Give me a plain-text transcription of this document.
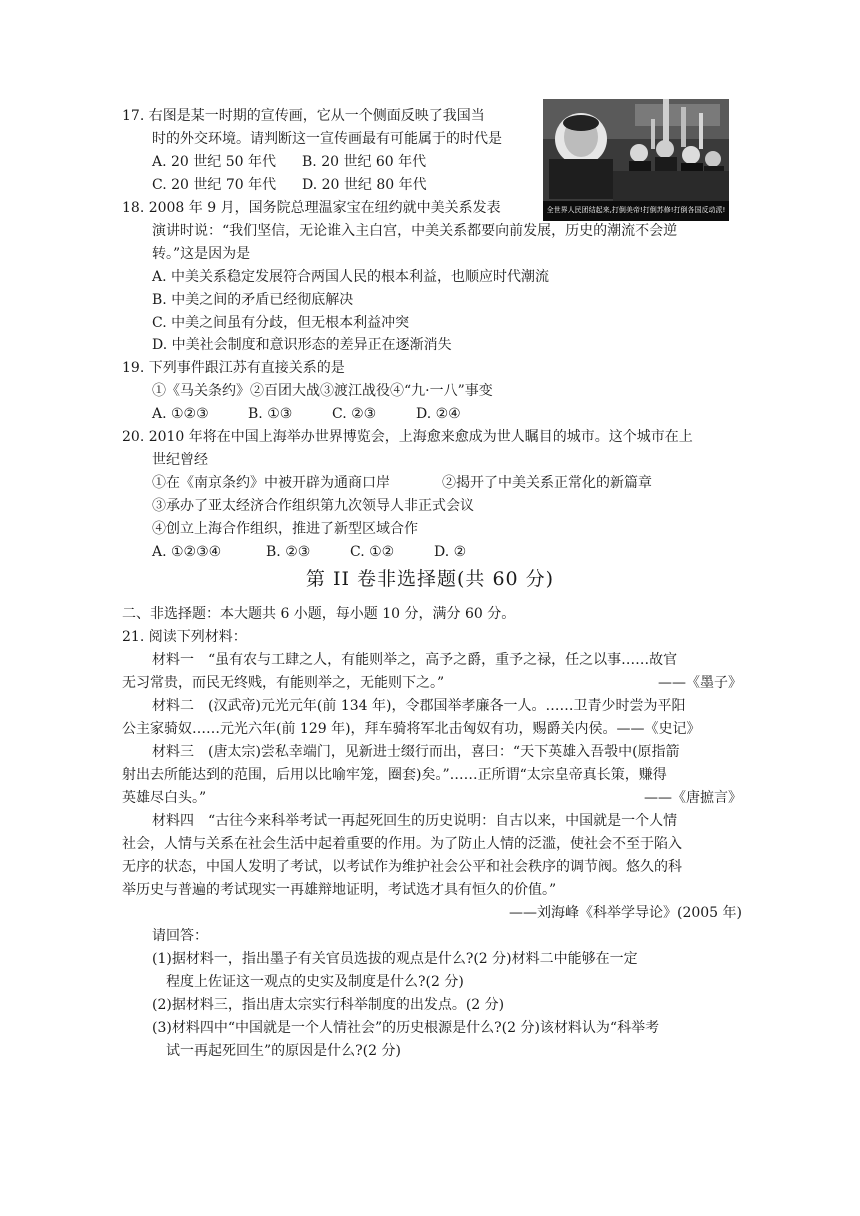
17. 右图是某一时期的宣传画，它从一个侧面反映了我国当
时的外交环境。请判断这一宣传画最有可能属于的时代是
A. 20 世纪 50 年代 B. 20 世纪 60 年代
C. 20 世纪 70 年代 D. 20 世纪 80 年代
全世界人民团结起来,打倒美帝!打倒苏修!打倒各国反动派!
18. 2008 年 9 月，国务院总理温家宝在纽约就中美关系发表
演讲时说：“我们坚信，无论谁入主白宫，中美关系都要向前发展，历史的潮流不会逆
转。”这是因为是
A. 中美关系稳定发展符合两国人民的根本利益，也顺应时代潮流
B. 中美之间的矛盾已经彻底解决
C. 中美之间虽有分歧，但无根本利益冲突
D. 中美社会制度和意识形态的差异正在逐渐消失
19. 下列事件跟江苏有直接关系的是
①《马关条约》②百团大战③渡江战役④“九·一八”事变
A. ①②③	B. ①③	C. ②③	D. ②④
20. 2010 年将在中国上海举办世界博览会，上海愈来愈成为世人瞩目的城市。这个城市在上
世纪曾经
①在《南京条约》中被开辟为通商口岸	②揭开了中美关系正常化的新篇章
③承办了亚太经济合作组织第九次领导人非正式会议
④创立上海合作组织，推进了新型区域合作
A. ①②③④	B. ②③	C. ①②	D. ②
第 II 卷非选择题(共 60 分)
二、非选择题：本大题共 6 小题，每小题 10 分，满分 60 分。
21. 阅读下列材料：
材料一　“虽有农与工肆之人，有能则举之，高予之爵，重予之禄，任之以事……故官
无习常贵，而民无终贱，有能则举之，无能则下之。”	——《墨子》
材料二　(汉武帝)元光元年(前 134 年)，令郡国举孝廉各一人。……卫青少时尝为平阳
公主家骑奴……元光六年(前 129 年)，拜车骑将军北击匈奴有功，赐爵关内侯。——《史记》
材料三　(唐太宗)尝私幸端门，见新进士缀行而出，喜曰：“天下英雄入吾彀中(原指箭
射出去所能达到的范围，后用以比喻牢笼，圈套)矣。”……正所谓“太宗皇帝真长策，赚得
英雄尽白头。”	——《唐摭言》
材料四　“古往今来科举考试一再起死回生的历史说明：自古以来，中国就是一个人情
社会，人情与关系在社会生活中起着重要的作用。为了防止人情的泛滥，使社会不至于陷入
无序的状态，中国人发明了考试，以考试作为维护社会公平和社会秩序的调节阀。悠久的科
举历史与普遍的考试现实一再雄辩地证明，考试选才具有恒久的价值。”
——刘海峰《科举学导论》(2005 年)
请回答：
(1)据材料一，指出墨子有关官员选拔的观点是什么?(2 分)材料二中能够在一定
程度上佐证这一观点的史实及制度是什么?(2 分)
(2)据材料三，指出唐太宗实行科举制度的出发点。(2 分)
(3)材料四中“中国就是一个人情社会”的历史根源是什么?(2 分)该材料认为“科举考
试一再起死回生”的原因是什么?(2 分)
